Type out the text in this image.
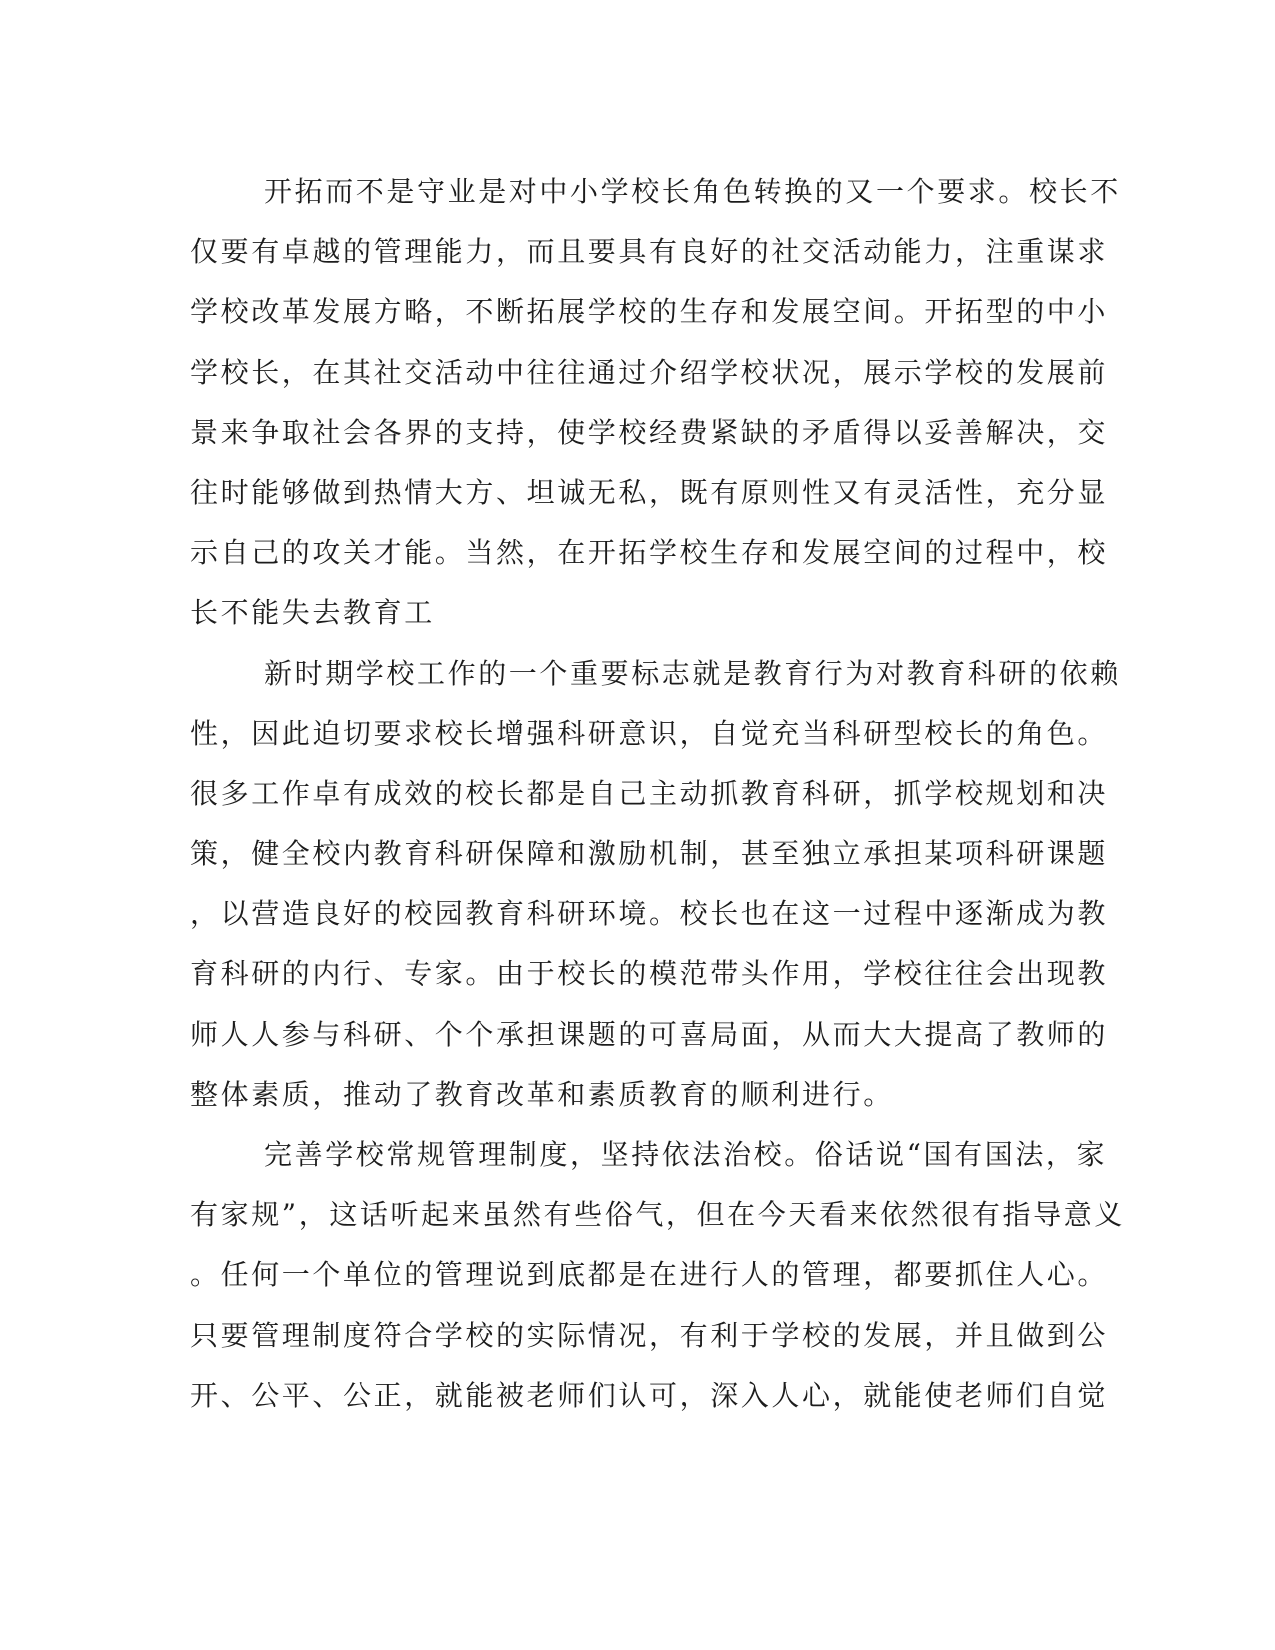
开拓而不是守业是对中小学校长角色转换的又一个要求。校长不
仅要有卓越的管理能力，而且要具有良好的社交活动能力，注重谋求
学校改革发展方略，不断拓展学校的生存和发展空间。开拓型的中小
学校长，在其社交活动中往往通过介绍学校状况，展示学校的发展前
景来争取社会各界的支持，使学校经费紧缺的矛盾得以妥善解决，交
往时能够做到热情大方、坦诚无私，既有原则性又有灵活性，充分显
示自己的攻关才能。当然，在开拓学校生存和发展空间的过程中，校
长不能失去教育工
新时期学校工作的一个重要标志就是教育行为对教育科研的依赖
性，因此迫切要求校长增强科研意识，自觉充当科研型校长的角色。
很多工作卓有成效的校长都是自己主动抓教育科研，抓学校规划和决
策，健全校内教育科研保障和激励机制，甚至独立承担某项科研课题
，以营造良好的校园教育科研环境。校长也在这一过程中逐渐成为教
育科研的内行、专家。由于校长的模范带头作用，学校往往会出现教
师人人参与科研、个个承担课题的可喜局面，从而大大提高了教师的
整体素质，推动了教育改革和素质教育的顺利进行。
完善学校常规管理制度，坚持依法治校。俗话说“国有国法，家
有家规”，这话听起来虽然有些俗气，但在今天看来依然很有指导意义
。任何一个单位的管理说到底都是在进行人的管理，都要抓住人心。
只要管理制度符合学校的实际情况，有利于学校的发展，并且做到公
开、公平、公正，就能被老师们认可，深入人心，就能使老师们自觉
